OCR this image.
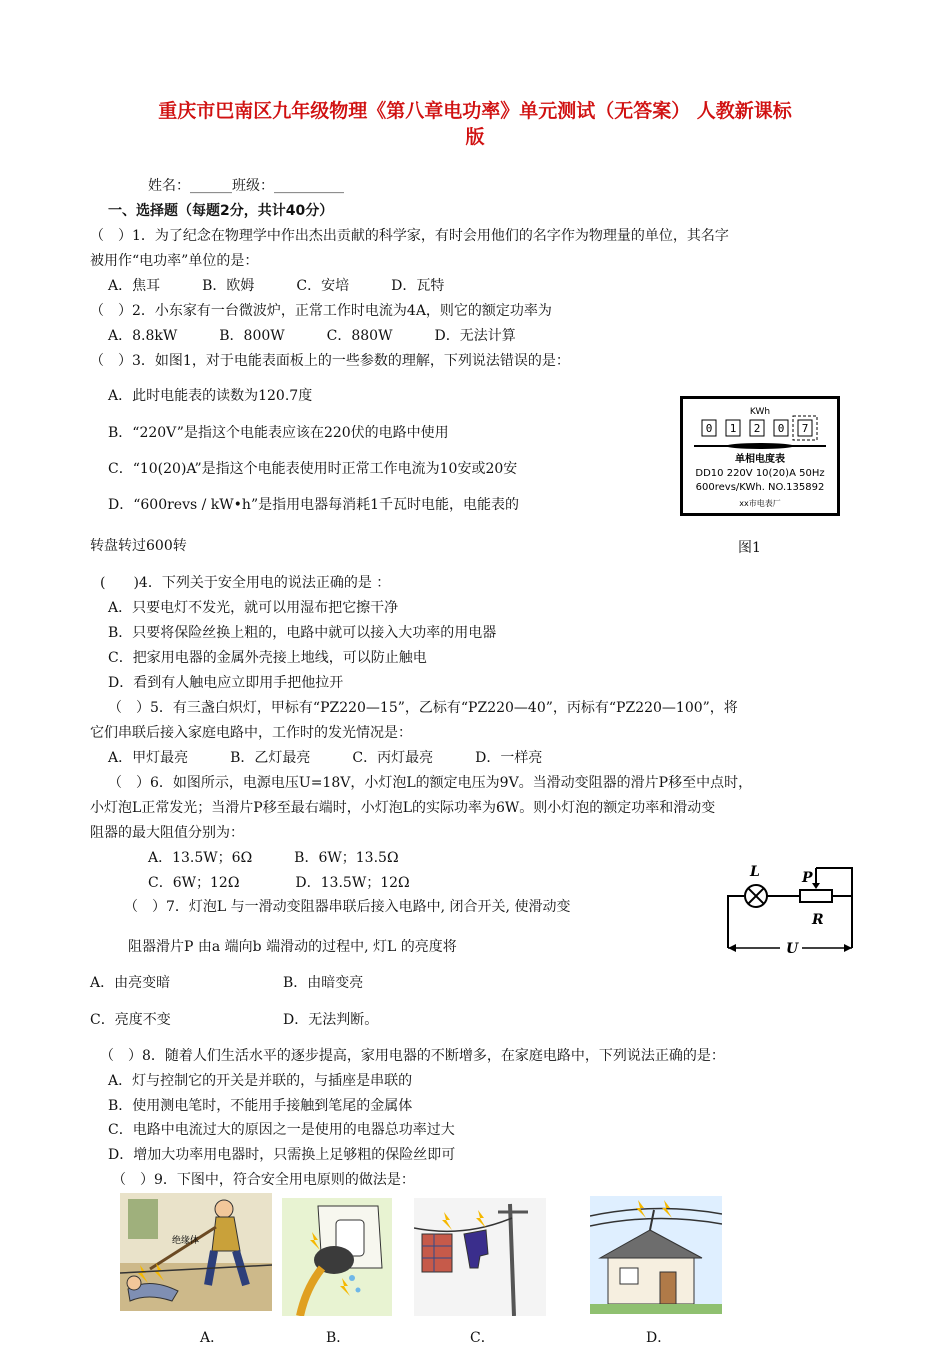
重庆市巴南区九年级物理《第八章电功率》单元测试（无答案） 人教新课标
版
姓名：______班级：__________
一、选择题（每题2分，共计40分）
（　）1．为了纪念在物理学中作出杰出贡献的科学家，有时会用他们的名字作为物理量的单位，其名字
被用作“电功率”单位的是：
A．焦耳　　　B．欧姆　　　C．安培　　　D．瓦特
（　）2．小东家有一台微波炉，正常工作时电流为4A，则它的额定功率为
A．8.8kW　　　B．800W　　　C．880W　　　D．无法计算
（　）3．如图1，对于电能表面板上的一些参数的理解，下列说法错误的是：
A．此时电能表的读数为120.7度
B．“220V”是指这个电能表应该在220伏的电路中使用
C．“10(20)A”是指这个电能表使用时正常工作电流为10安或20安
D．“600revs / kW•h”是指用电器每消耗1千瓦时电能，电能表的
转盘转过600转	图1
KWh
0 1 2 0 7
单相电度表
DD10 220V 10(20)A 50Hz
600revs/KWh. NO.135892
xx市电表厂
(　　)4．下列关于安全用电的说法正确的是 ：
A．只要电灯不发光，就可以用湿布把它擦干净
B．只要将保险丝换上粗的，电路中就可以接入大功率的用电器
C．把家用电器的金属外壳接上地线，可以防止触电
D．看到有人触电应立即用手把他拉开
（　）5．有三盏白炽灯，甲标有“PZ220—15”，乙标有“PZ220—40”，丙标有“PZ220—100”，将
它们串联后接入家庭电路中，工作时的发光情况是：
A．甲灯最亮　　　B．乙灯最亮　　　C．丙灯最亮　　　D．一样亮
（　）6．如图所示，电源电压U=18V，小灯泡L的额定电压为9V。当滑动变阻器的滑片P移至中点时，
小灯泡L正常发光；当滑片P移至最右端时，小灯泡L的实际功率为6W。则小灯泡的额定功率和滑动变
阻器的最大阻值分别为：
A．13.5W；6Ω　　　B．6W；13.5Ω
C．6W；12Ω　　　　D．13.5W；12Ω
（　）7．灯泡L 与一滑动变阻器串联后接入电路中, 闭合开关, 使滑动变
阻器滑片P 由a 端向b 端滑动的过程中, 灯L 的亮度将
L	P
R
U
A．由亮变暗	B．由暗变亮
C．亮度不变	D．无法判断。
（　）8．随着人们生活水平的逐步提高，家用电器的不断增多，在家庭电路中，下列说法正确的是：
A．灯与控制它的开关是并联的，与插座是串联的
B．使用测电笔时，不能用手接触到笔尾的金属体
C．电路中电流过大的原因之一是使用的电器总功率过大
D．增加大功率用电器时，只需换上足够粗的保险丝即可
（　）9．下图中，符合安全用电原则的做法是：
绝缘体
A．	B．	C．	D．
